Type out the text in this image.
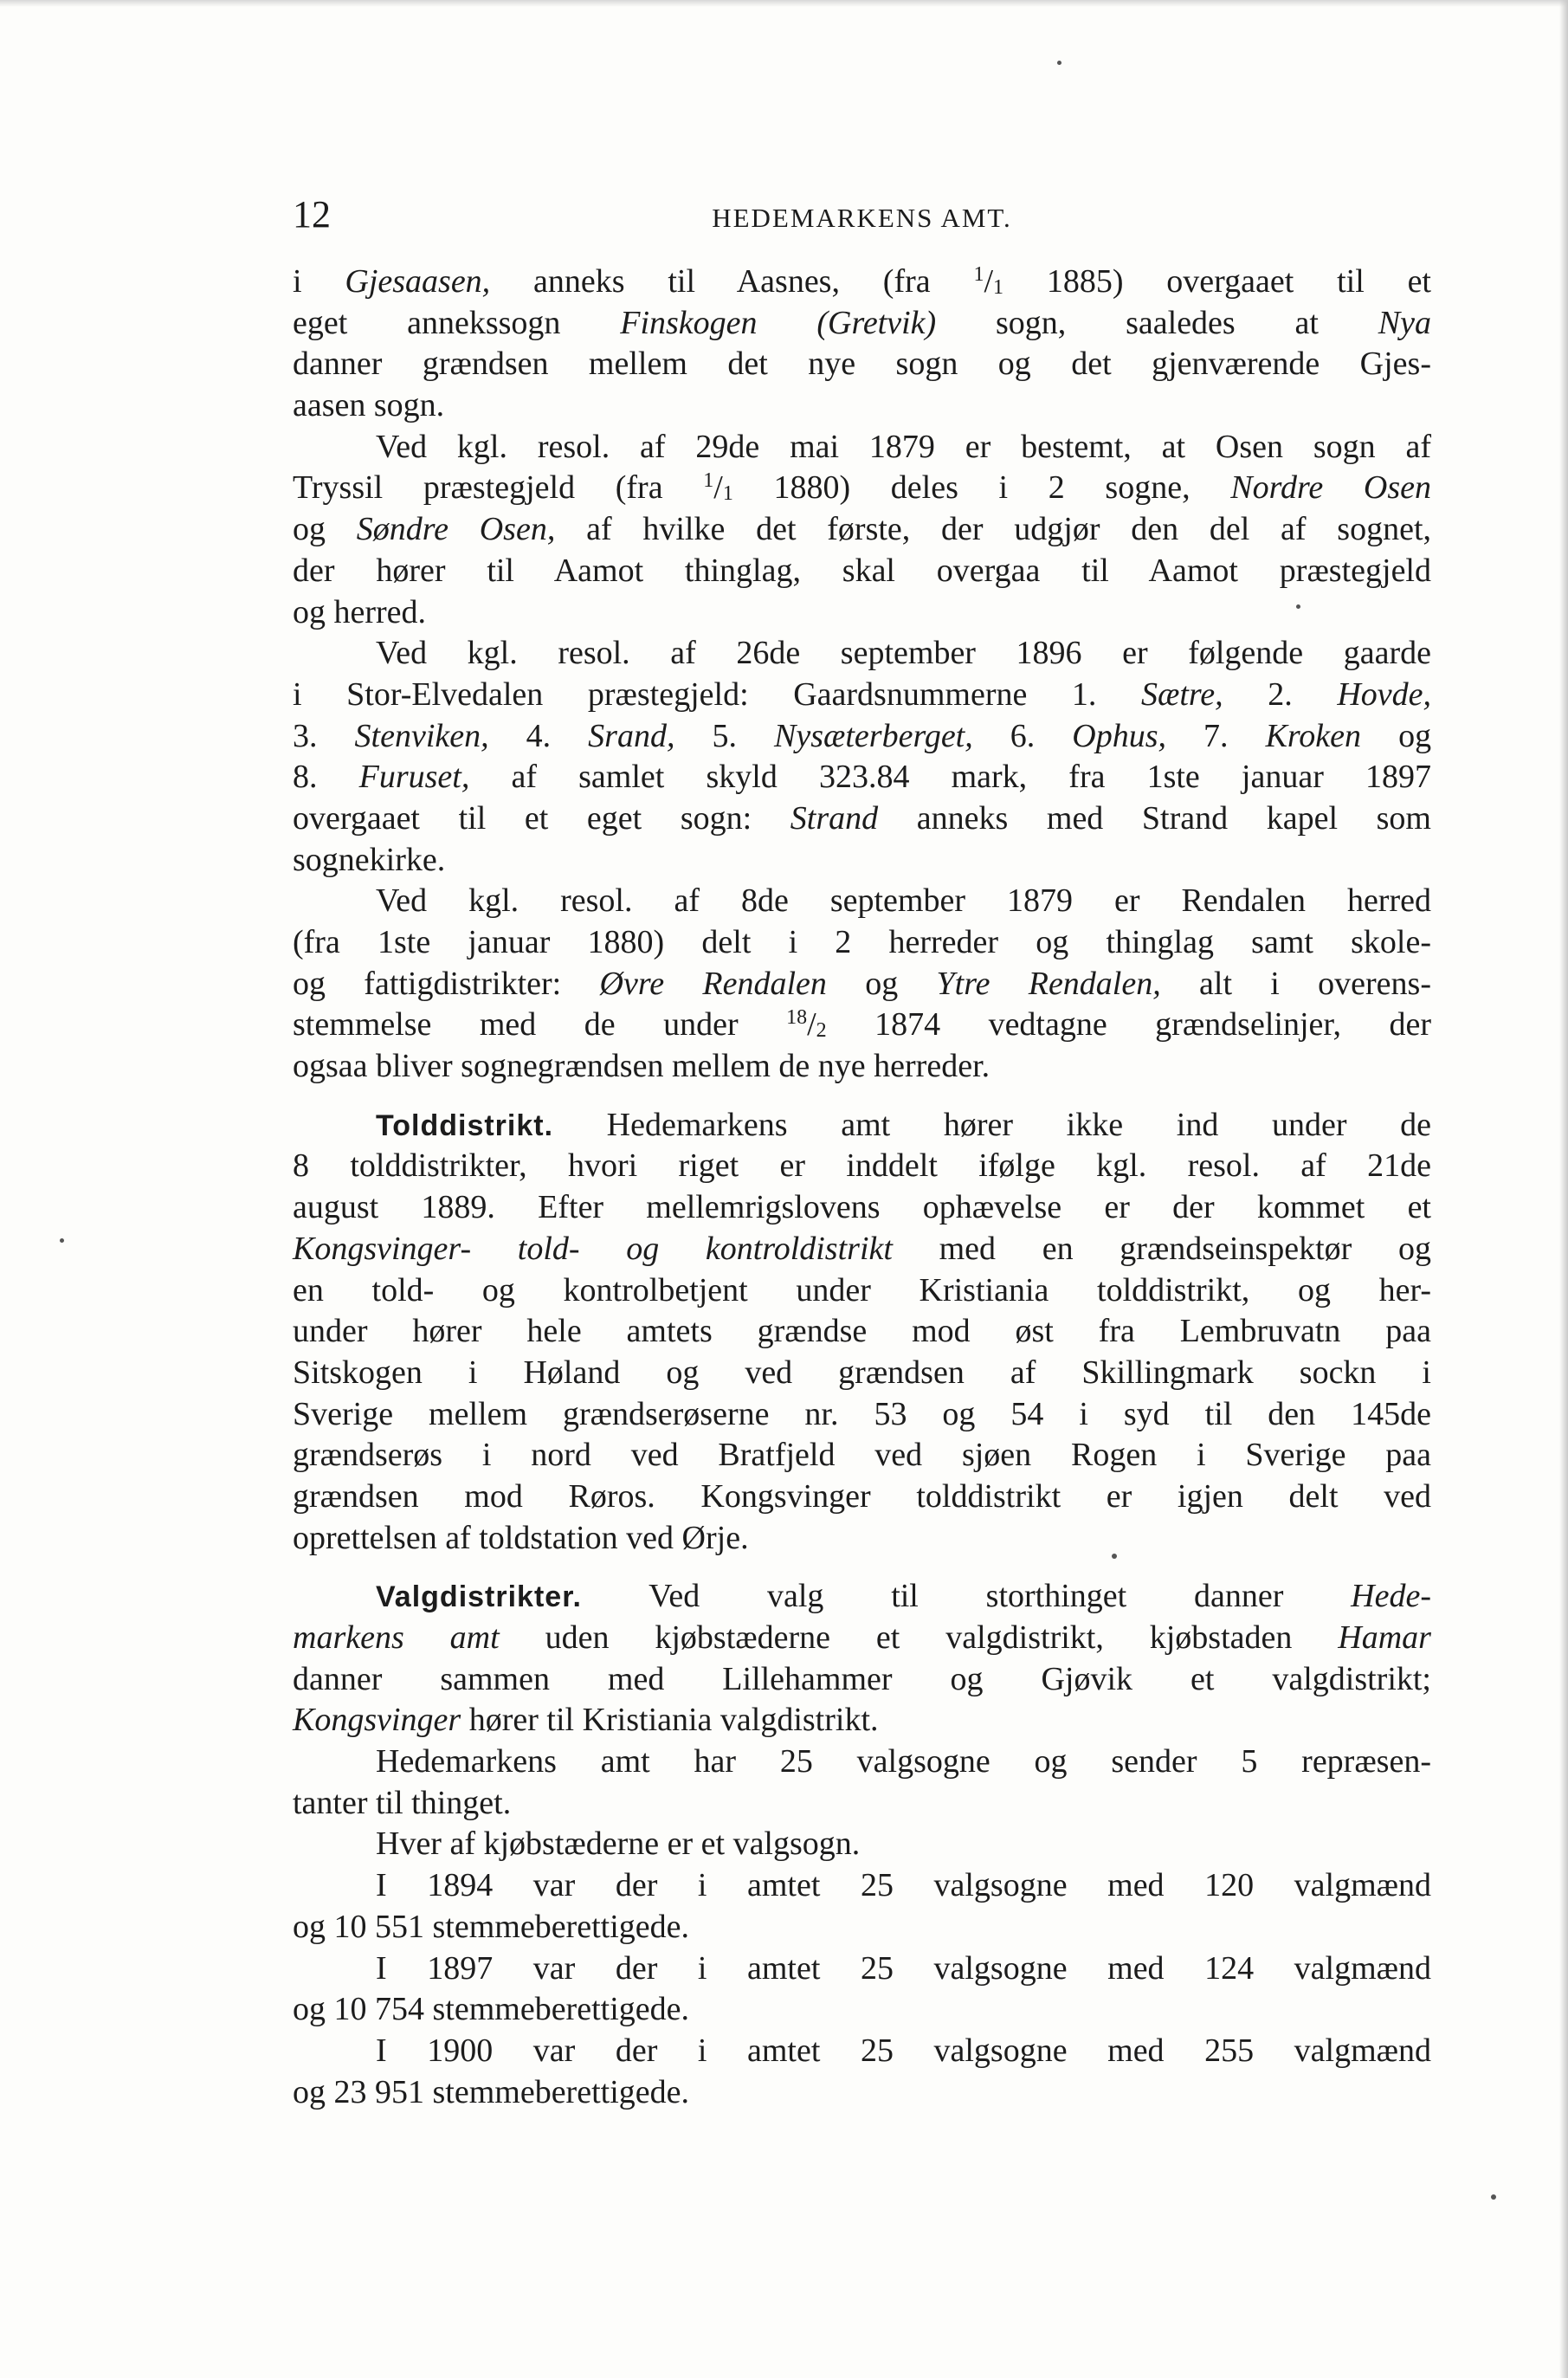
12	HEDEMARKENS AMT.
i Gjesaasen, anneks til Aasnes, (fra $^1/_1$ 1885) overgaaet til et
eget annekssogn Finskogen (Gretvik) sogn, saaledes at Nya
danner grændsen mellem det nye sogn og det gjenværende Gjes-
aasen sogn.
Ved kgl. resol. af 29de mai 1879 er bestemt, at Osen sogn af
Tryssil præstegjeld (fra $^1/_1$ 1880) deles i 2 sogne, Nordre Osen
og Søndre Osen, af hvilke det første, der udgjør den del af sognet,
der hører til Aamot thinglag, skal overgaa til Aamot præstegjeld
og herred.
Ved kgl. resol. af 26de september 1896 er følgende gaarde
i Stor-Elvedalen præstegjeld: Gaardsnummerne 1. Sætre, 2. Hovde,
3. Stenviken, 4. Srand, 5. Nysæterberget, 6. Ophus, 7. Kroken og
8. Furuset, af samlet skyld 323.84 mark, fra 1ste januar 1897
overgaaet til et eget sogn: Strand anneks med Strand kapel som
sognekirke.
Ved kgl. resol. af 8de september 1879 er Rendalen herred
(fra 1ste januar 1880) delt i 2 herreder og thinglag samt skole-
og fattigdistrikter: Øvre Rendalen og Ytre Rendalen, alt i overens-
stemmelse med de under $^{18}/_2$ 1874 vedtagne grændselinjer, der
ogsaa bliver sognegrændsen mellem de nye herreder.
Tolddistrikt. Hedemarkens amt hører ikke ind under de
8 tolddistrikter, hvori riget er inddelt ifølge kgl. resol. af 21de
august 1889. Efter mellemrigslovens ophævelse er der kommet et
Kongsvinger- told- og kontroldistrikt med en grændseinspektør og
en told- og kontrolbetjent under Kristiania tolddistrikt, og her-
under hører hele amtets grændse mod øst fra Lembruvatn paa
Sitskogen i Høland og ved grændsen af Skillingmark sockn i
Sverige mellem grændserøserne nr. 53 og 54 i syd til den 145de
grændserøs i nord ved Bratfjeld ved sjøen Rogen i Sverige paa
grændsen mod Røros. Kongsvinger tolddistrikt er igjen delt ved
oprettelsen af toldstation ved Ørje.
Valgdistrikter. Ved valg til storthinget danner Hede-
markens amt uden kjøbstæderne et valgdistrikt, kjøbstaden Hamar
danner sammen med Lillehammer og Gjøvik et valgdistrikt;
Kongsvinger hører til Kristiania valgdistrikt.
Hedemarkens amt har 25 valgsogne og sender 5 repræsen-
tanter til thinget.
Hver af kjøbstæderne er et valgsogn.
I 1894 var der i amtet 25 valgsogne med 120 valgmænd
og 10 551 stemmeberettigede.
I 1897 var der i amtet 25 valgsogne med 124 valgmænd
og 10 754 stemmeberettigede.
I 1900 var der i amtet 25 valgsogne med 255 valgmænd
og 23 951 stemmeberettigede.
